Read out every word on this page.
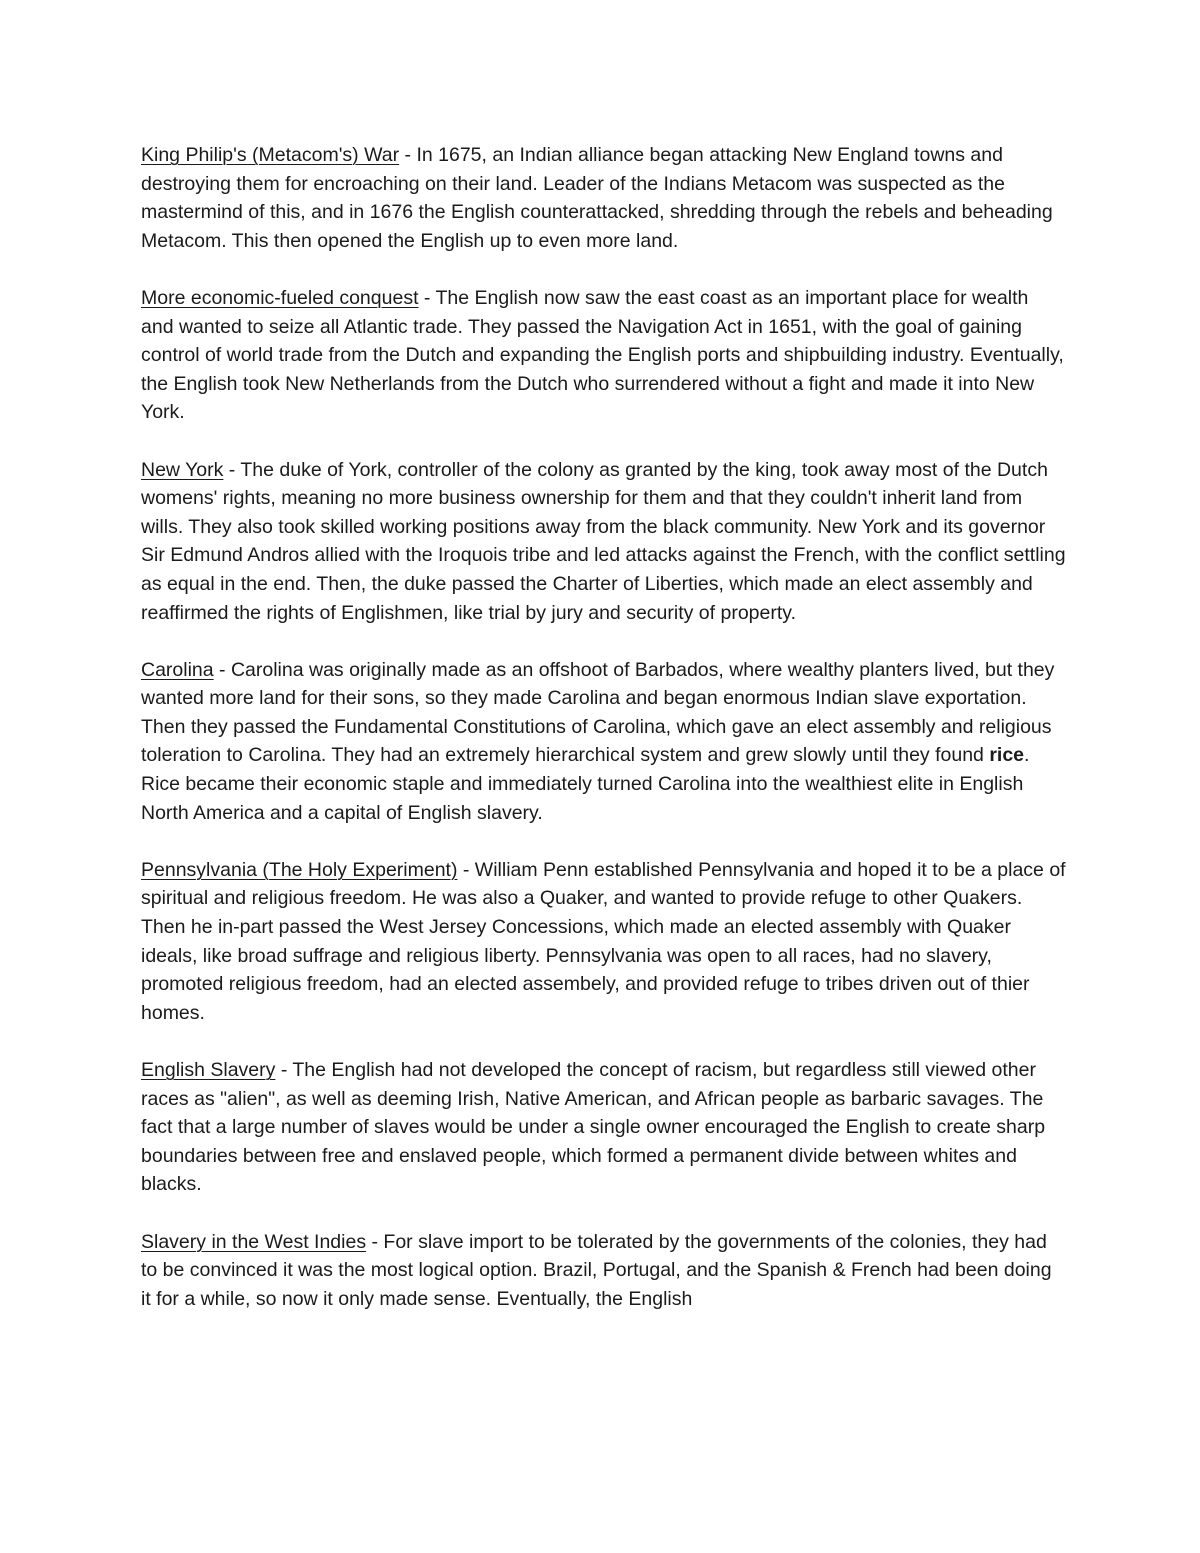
King Philip's (Metacom's) War - In 1675, an Indian alliance began attacking New England towns and destroying them for encroaching on their land. Leader of the Indians Metacom was suspected as the mastermind of this, and in 1676 the English counterattacked, shredding through the rebels and beheading Metacom. This then opened the English up to even more land.

More economic-fueled conquest - The English now saw the east coast as an important place for wealth and wanted to seize all Atlantic trade. They passed the Navigation Act in 1651, with the goal of gaining control of world trade from the Dutch and expanding the English ports and shipbuilding industry. Eventually, the English took New Netherlands from the Dutch who surrendered without a fight and made it into New York.

New York - The duke of York, controller of the colony as granted by the king, took away most of the Dutch womens' rights, meaning no more business ownership for them and that they couldn't inherit land from wills. They also took skilled working positions away from the black community. New York and its governor Sir Edmund Andros allied with the Iroquois tribe and led attacks against the French, with the conflict settling as equal in the end. Then, the duke passed the Charter of Liberties, which made an elect assembly and reaffirmed the rights of Englishmen, like trial by jury and security of property.

Carolina - Carolina was originally made as an offshoot of Barbados, where wealthy planters lived, but they wanted more land for their sons, so they made Carolina and began enormous Indian slave exportation. Then they passed the Fundamental Constitutions of Carolina, which gave an elect assembly and religious toleration to Carolina. They had an extremely hierarchical system and grew slowly until they found rice. Rice became their economic staple and immediately turned Carolina into the wealthiest elite in English North America and a capital of English slavery.

Pennsylvania (The Holy Experiment) - William Penn established Pennsylvania and hoped it to be a place of spiritual and religious freedom. He was also a Quaker, and wanted to provide refuge to other Quakers. Then he in-part passed the West Jersey Concessions, which made an elected assembly with Quaker ideals, like broad suffrage and religious liberty. Pennsylvania was open to all races, had no slavery, promoted religious freedom, had an elected assembely, and provided refuge to tribes driven out of thier homes.

English Slavery - The English had not developed the concept of racism, but regardless still viewed other races as "alien", as well as deeming Irish, Native American, and African people as barbaric savages. The fact that a large number of slaves would be under a single owner encouraged the English to create sharp boundaries between free and enslaved people, which formed a permanent divide between whites and blacks.

Slavery in the West Indies - For slave import to be tolerated by the governments of the colonies, they had to be convinced it was the most logical option. Brazil, Portugal, and the Spanish & French had been doing it for a while, so now it only made sense. Eventually, the English
